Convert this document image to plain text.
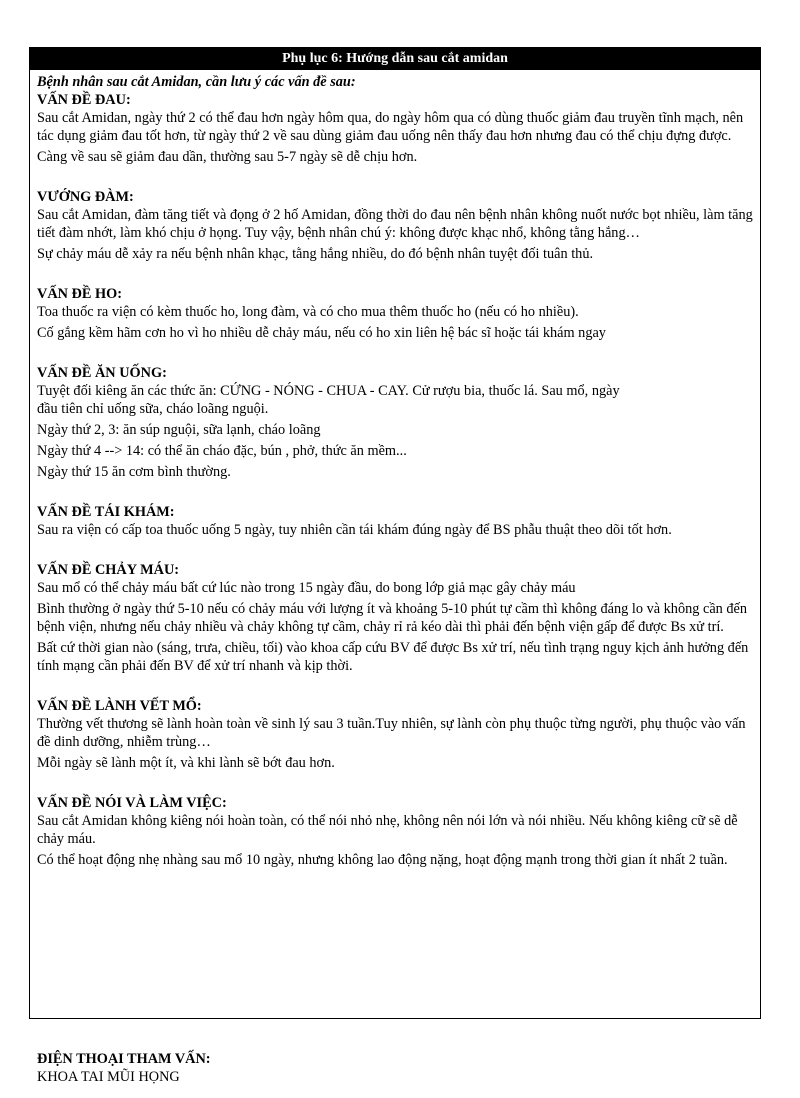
Phụ lục 6: Hướng dẫn sau cắt amidan

Bệnh nhân sau cắt Amidan, cần lưu ý các vấn đề sau:

VẤN ĐỀ ĐAU:

Sau cắt Amidan, ngày thứ 2 có thể đau hơn ngày hôm qua, do ngày hôm qua có dùng thuốc giảm đau truyền tĩnh mạch, nên tác dụng giảm đau tốt hơn, từ ngày thứ 2 về sau dùng giảm đau uống nên thấy đau hơn nhưng đau có thể chịu đựng được.

Càng về sau sẽ giảm đau dần, thường sau 5-7 ngày sẽ dễ chịu hơn.

VƯỚNG ĐÀM:

Sau cắt Amidan, đàm tăng tiết và đọng ở 2 hố Amidan, đồng thời do đau nên bệnh nhân không nuốt nước bọt nhiều, làm tăng tiết đàm nhớt, làm khó chịu ở họng. Tuy vậy, bệnh nhân chú ý: không được khạc nhổ, không tằng hắng…

Sự chảy máu dễ xảy ra nếu bệnh nhân khạc, tằng hắng nhiều, do đó bệnh nhân tuyệt đối tuân thủ.

VẤN ĐỀ HO:

Toa thuốc ra viện có kèm thuốc ho, long đàm, và có cho mua thêm thuốc ho (nếu có ho nhiều).

Cố gắng kềm hãm cơn ho vì ho nhiều dễ chảy máu, nếu có ho xin liên hệ bác sĩ hoặc tái khám ngay

VẤN ĐỀ ĂN UỐNG:

Tuyệt đối kiêng ăn các thức ăn: CỨNG - NÓNG - CHUA - CAY. Cử rượu bia, thuốc lá. Sau mổ, ngày đầu tiên chỉ uống sữa, cháo loãng nguội.

Ngày thứ 2, 3: ăn súp nguội, sữa lạnh, cháo loãng

Ngày thứ 4 --> 14: có thể ăn cháo đặc, bún , phở, thức ăn mềm...

Ngày thứ 15 ăn cơm bình thường.

VẤN ĐỀ TÁI KHÁM:

Sau ra viện có cấp toa thuốc uống 5 ngày, tuy nhiên cần tái khám đúng ngày để BS phẫu thuật theo dõi tốt hơn.

VẤN ĐỀ CHẢY MÁU:

Sau mổ có thể chảy máu bất cứ lúc nào trong 15 ngày đầu, do bong lớp giả mạc gây chảy máu

Bình thường ở ngày thứ 5-10 nếu có chảy máu với lượng ít và khoảng 5-10 phút tự cầm thì không đáng lo và không cần đến bệnh viện, nhưng nếu chảy nhiều và chảy không tự cầm, chảy rỉ rả kéo dài thì phải đến bệnh viện gấp để được Bs xử trí.

Bất cứ thời gian nào (sáng, trưa, chiều, tối) vào khoa cấp cứu BV để được Bs xử trí, nếu tình trạng nguy kịch ảnh hưởng đến tính mạng cần phải đến BV để xử trí nhanh và kịp thời.

VẤN ĐỀ LÀNH VẾT MỔ:

Thường vết thương sẽ lành hoàn toàn về sinh lý sau 3 tuần.Tuy nhiên, sự lành còn phụ thuộc từng người, phụ thuộc vào vấn đề dinh dưỡng, nhiễm trùng…

Mỗi ngày sẽ lành một ít, và khi lành sẽ bớt đau hơn.

VẤN ĐỀ NÓI VÀ LÀM VIỆC:

Sau cắt Amidan không kiêng nói hoàn toàn, có thể nói nhỏ nhẹ, không nên nói lớn và nói nhiều. Nếu không kiêng cữ sẽ dễ chảy máu.

Có thể hoạt động nhẹ nhàng sau mổ 10 ngày, nhưng không lao động nặng, hoạt động mạnh trong thời gian ít nhất 2 tuần.

ĐIỆN THOẠI THAM VẤN:

KHOA TAI MŨI HỌNG
